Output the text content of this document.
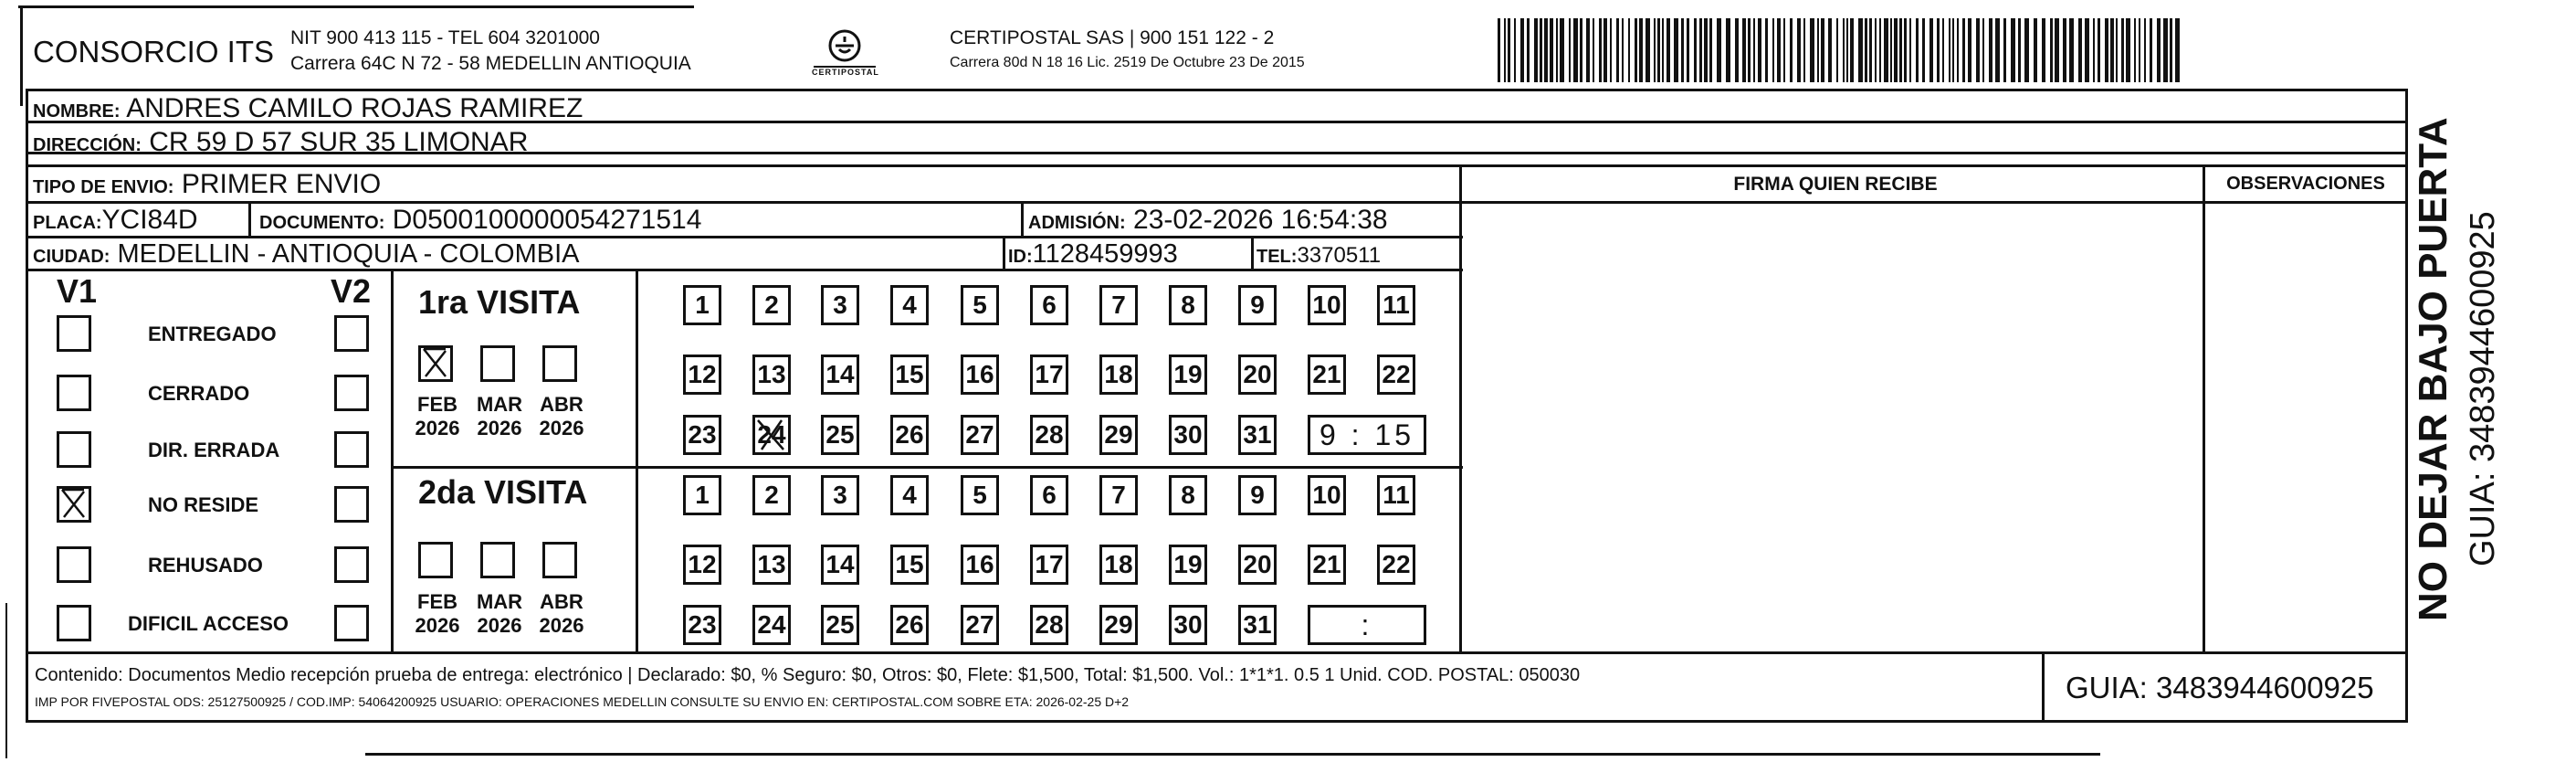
CONSORCIO ITS NIT 900 413 115 - TEL 604 3201000
Carrera 64C N 72 - 58 MEDELLIN ANTIOQUIA	CERTIPOSTAL
CERTIPOSTAL SAS | 900 151 122 - 2
Carrera 80d N 18 16 Lic. 2519 De Octubre 23 De 2015
NOMBRE: ANDRES CAMILO ROJAS RAMIREZ
DIRECCIÓN: CR 59 D 57 SUR 35 LIMONAR
TIPO DE ENVIO: PRIMER ENVIO	FIRMA QUIEN RECIBE	OBSERVACIONES
PLACA:YCI84D	DOCUMENTO: D0500100000054271514	ADMISIÓN: 23-02-2026 16:54:38
CIUDAD: MEDELLIN - ANTIOQUIA - COLOMBIA	ID:1128459993	TEL:3370511
V1	V2 1ra VISITA
2da VISITA
Contenido: Documentos Medio recepción prueba de entrega: electrónico | Declarado: $0, % Seguro: $0, Otros: $0, Flete: $1,500, Total: $1,500. Vol.: 1*1*1. 0.5 1 Unid. COD. POSTAL: 050030
IMP POR FIVEPOSTAL ODS: 25127500925 / COD.IMP: 54064200925 USUARIO: OPERACIONES MEDELLIN CONSULTE SU ENVIO EN: CERTIPOSTAL.COM SOBRE ETA: 2026-02-25 D+2	GUIA: 3483944600925
NO DEJAR BAJO PUERTA GUIA: 3483944600925
ENTREGADO
CERRADO
DIR. ERRADA
NO RESIDE
REHUSADO
DIFICIL ACCESO
FEB
2026
MAR
2026
ABR
2026
FEB
2026
MAR
2026
ABR
2026
1	2	3	4	5	6	7	8	9	10 11
12 13 14 15 16 17 18 19 20 21 22
23 24 25 26 27 28 29 30 31	9 : 15
1	2	3	4	5	6	7	8	9	10 11
12 13 14 15 16 17 18 19 20 21 22
23 24 25 26 27 28 29 30 31	:
